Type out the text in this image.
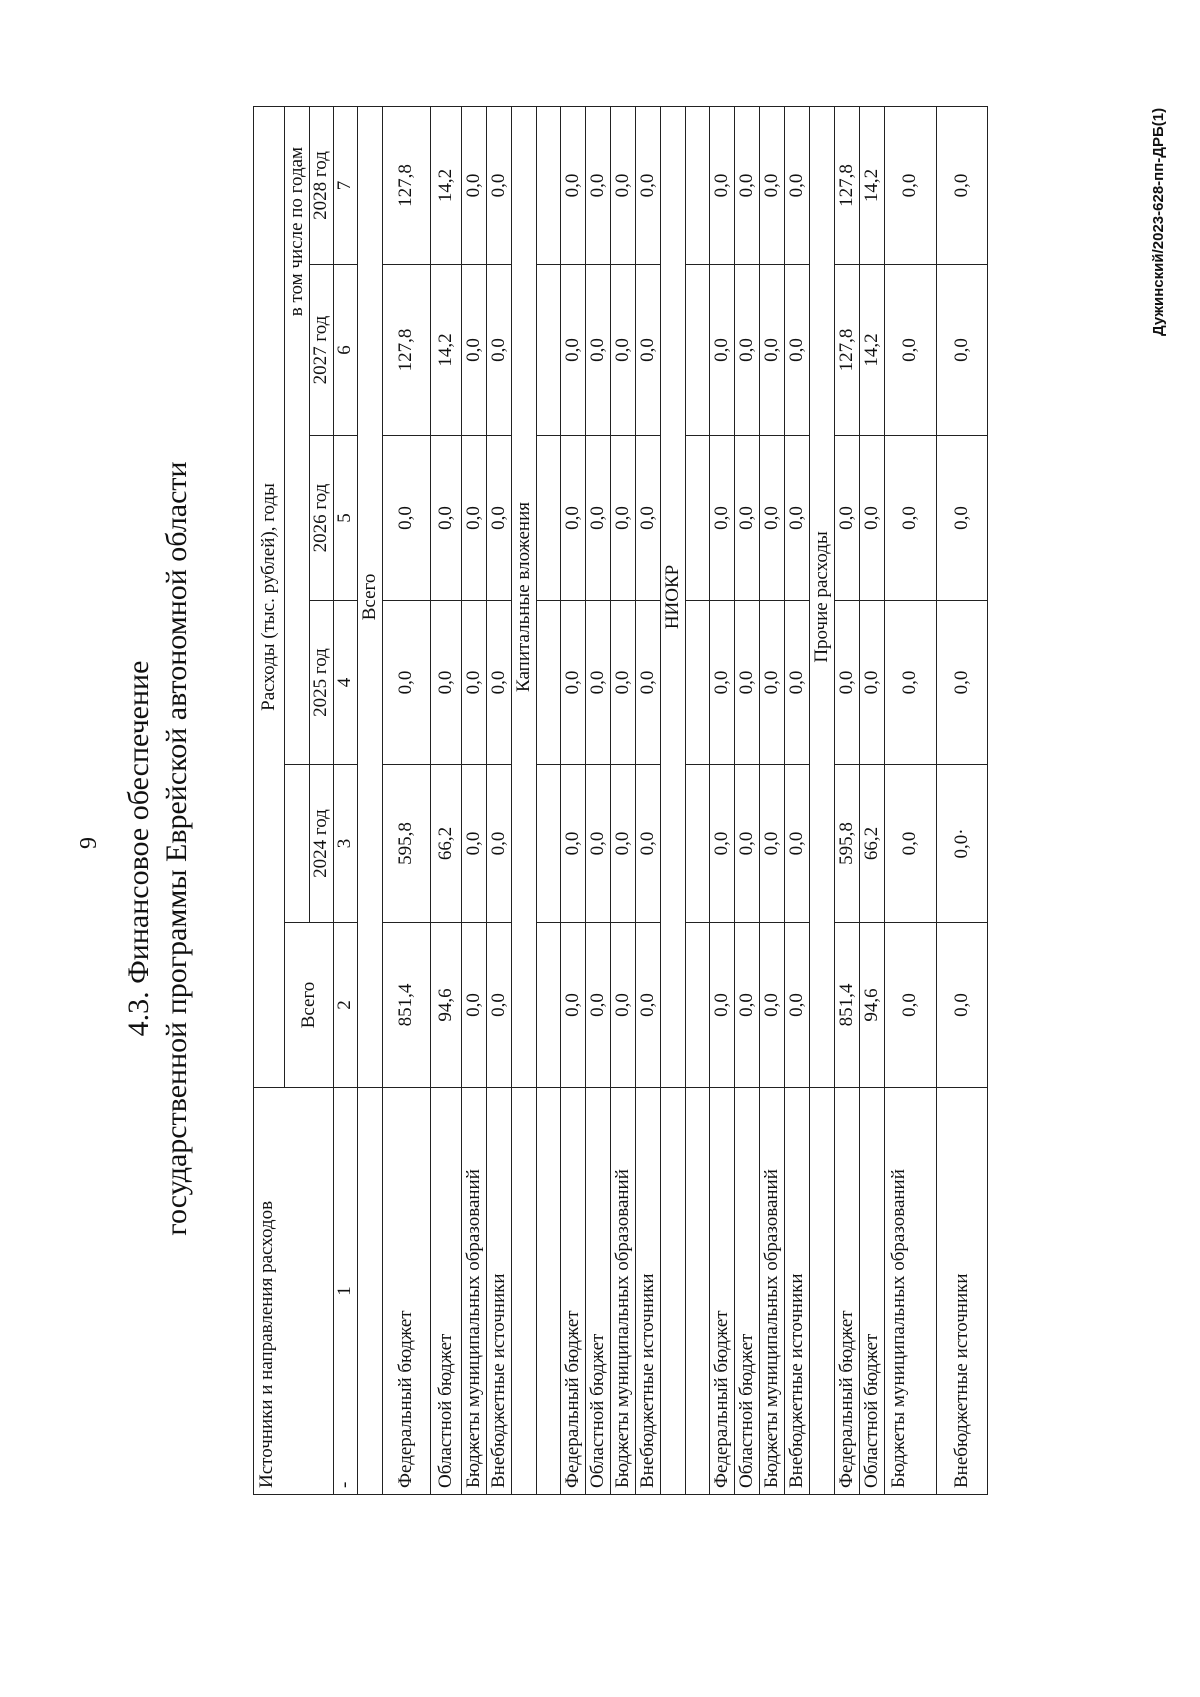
9 4.3. Финансовое обеспечение государственной программы Еврейской автономной области
Источники и направления расходов	Расходы (тыс. рублей), годы					
	Всего		в том числе по годам			
		2024 год	2025 год	2026 год	2027 год	2028 год

-
1	2	3	4	5	6	7
	Всего					
Федеральный бюджет	851,4	595,8	0,0	0,0	127,8	127,8
Областной бюджет	94,6	66,2	0,0	0,0	14,2	14,2
Бюджеты муниципальных образований	0,0	0,0	0,0	0,0	0,0	0,0
Внебюджетные источники	0,0	0,0	0,0	0,0	0,0	0,0
	Капитальные вложения					

Федеральный бюджет	0,0	0,0	0,0	0,0	0,0	0,0
Областной бюджет	0,0	0,0	0,0	0,0	0,0	0,0
Бюджеты муниципальных образований	0,0	0,0	0,0	0,0	0,0	0,0
Внебюджетные источники	0,0	0,0	0,0	0,0	0,0	0,0
	НИОКР					

Федеральный бюджет	0,0	0,0	0,0	0,0	0,0	0,0
Областной бюджет	0,0	0,0	0,0	0,0	0,0	0,0
Бюджеты муниципальных образований	0,0	0,0	0,0	0,0	0,0	0,0
Внебюджетные источники	0,0	0,0	0,0	0,0	0,0	0,0
	Прочие расходы					
Федеральный бюджет	851,4	595,8	0,0	0,0	127,8	127,8
Областной бюджет	94,6	66,2	0,0	0,0	14,2	14,2
Бюджеты муниципальных образований	0,0	0,0	0,0	0,0	0,0	0,0
Внебюджетные источники	0,0	0,0·	0,0	0,0	0,0	0,0	Дужинский/2023-628-пп-ДРБ(1)
